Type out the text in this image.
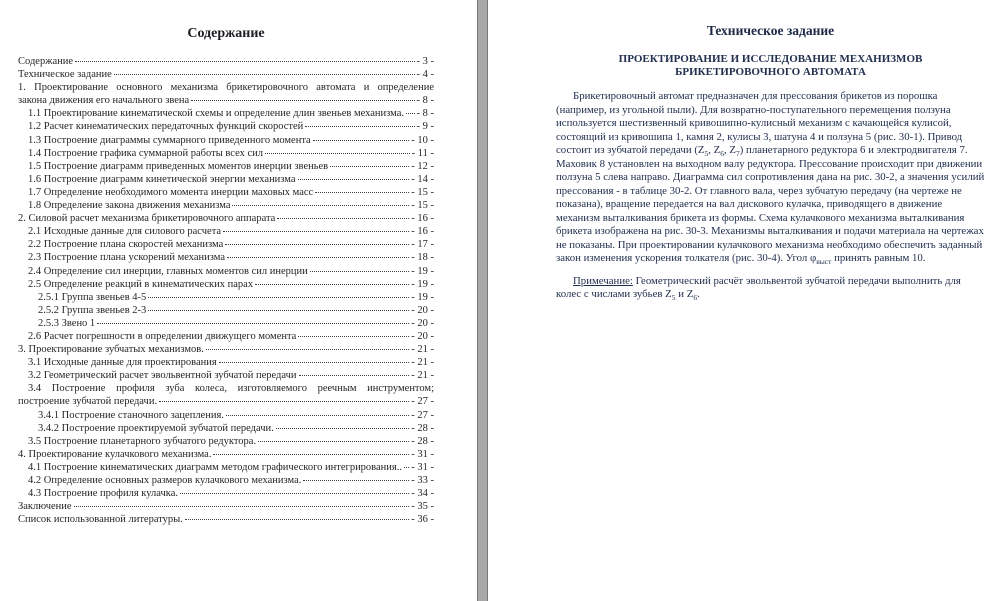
Содержание
Содержание	- 3 -
Техническое задание	- 4 -
1. Проектирование основного механизма брикетировочного автомата и определение
закона движения его начального звена	- 8 -
1.1 Проектирование кинематической схемы и определение длин звеньев механизма. - 8 -
1.2 Расчет кинематических передаточных функций скоростей	- 9 -
1.3 Построение диаграммы суммарного приведенного момента	- 10 -
1.4 Построение графика суммарной работы всех сил	- 11 -
1.5 Построение диаграмм приведенных моментов инерции звеньев	- 12 -
1.6 Построение диаграмм кинетической энергии механизма	- 14 -
1.7 Определение необходимого момента инерции маховых масс	- 15 -
1.8 Определение закона движения механизма	- 15 -
2. Силовой расчет механизма брикетировочного аппарата	- 16 -
2.1 Исходные данные для силового расчета	- 16 -
2.2 Построение плана скоростей механизма	- 17 -
2.3 Построение плана ускорений механизма	- 18 -
2.4 Определение сил инерции, главных моментов сил инерции	- 19 -
2.5 Определение реакций в кинематических парах	- 19 -
2.5.1 Группа звеньев 4-5	- 19 -
2.5.2 Группа звеньев 2-3	- 20 -
2.5.3 Звено 1	- 20 -
2.6 Расчет погрешности в определении движущего момента	- 20 -
3. Проектирование зубчатых механизмов.	- 21 -
3.1 Исходные данные для проектирования	- 21 -
3.2 Геометрический расчет эвольвентной зубчатой передачи	- 21 -
3.4 Построение профиля зуба колеса, изготовляемого реечным инструментом;
построение зубчатой передачи.	- 27 -
3.4.1 Построение станочного зацепления.	- 27 -
3.4.2 Построение проектируемой зубчатой передачи.	- 28 -
3.5 Построение планетарного зубчатого редуктора.	- 28 -
4. Проектирование кулачкового механизма.	- 31 -
4.1 Построение кинематических диаграмм методом графического интегрирования.. - 31 -
4.2 Определение основных размеров кулачкового механизма.	- 33 -
4.3 Построение профиля кулачка.	- 34 -
Заключение	- 35 -
Список использованной литературы.	- 36 -
Техническое задание
ПРОЕКТИРОВАНИЕ И ИССЛЕДОВАНИЕ МЕХАНИЗМОВ
БРИКЕТИРОВОЧНОГО АВТОМАТА

Брикетировочный автомат предназначен для прессования брикетов из порошка (например, из угольной пыли). Для возвратно-поступательного перемещения ползуна используется шестизвенный кривошипно-кулисный механизм с качающейся кулисой, состоящий из кривошипа 1, камня 2, кулисы 3, шатуна 4 и ползуна 5 (рис. 30-1). Привод состоит из зубчатой передачи ($Z_5$, $Z_6$, $Z_7$) планетарного редуктора 6 и электродвигателя 7. Маховик 8 установлен на выходном валу редуктора. Прессование происходит при движении ползуна 5 слева направо. Диаграмма сил сопротивления дана на рис. 30-2, а значения усилий прессования - в таблице 30-2. От главного вала, через зубчатую передачу (на чертеже не показана), вращение передается на вал дискового кулачка, приводящего в движение механизм выталкивания брикета из формы. Схема кулачкового механизма выталкивания брикета изображена на рис. 30-3. Механизмы выталкивания и подачи материала на чертежах не показаны. При проектировании кулачкового механизма необходимо обеспечить заданный закон изменения ускорения толкателя (рис. 30-4). Угол $\varphi_{выст}$ принять равным 10.

Примечание: Геометрический расчёт эвольвентой зубчатой передачи выполнить для колес с числами зубьев $Z_5$ и $Z_6$.
